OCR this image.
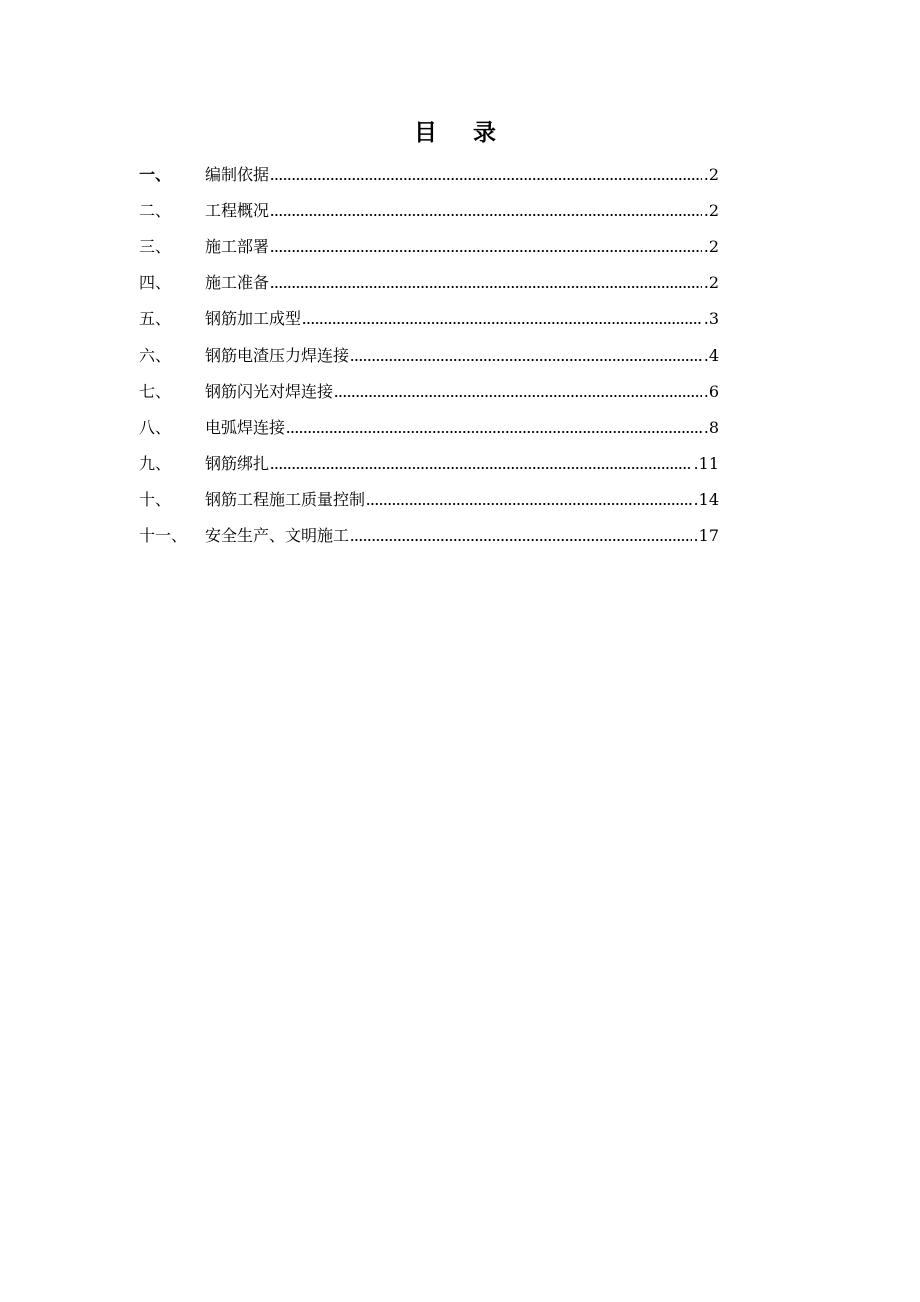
目 录
一、	编制依据	.2
二、	工程概况	.2
三、	施工部署	.2
四、	施工准备	.2
五、	钢筋加工成型	.3
六、	钢筋电渣压力焊连接	.4
七、	钢筋闪光对焊连接	.6
八、	电弧焊连接	.8
九、	钢筋绑扎	.11
十、	钢筋工程施工质量控制	.14
十一、	安全生产、文明施工	.17
